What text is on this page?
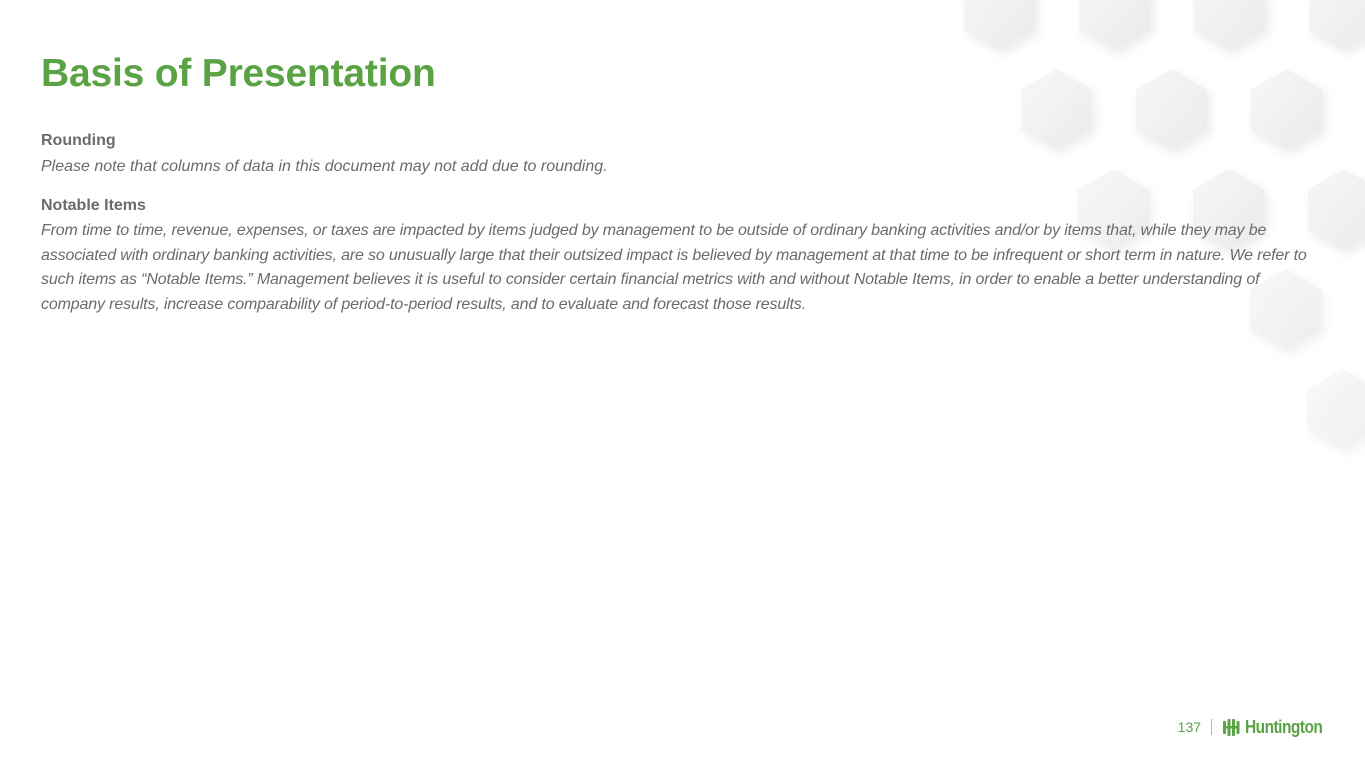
Basis of Presentation
Rounding

Please note that columns of data in this document may not add due to rounding.

Notable Items

From time to time, revenue, expenses, or taxes are impacted by items judged by management to be outside of ordinary banking activities and/or by items that, while they may be associated with ordinary banking activities, are so unusually large that their outsized impact is believed by management at that time to be infrequent or short term in nature. We refer to such items as “Notable Items.” Management believes it is useful to consider certain financial metrics with and without Notable Items, in order to enable a better understanding of company results, increase comparability of period-to-period results, and to evaluate and forecast those results.

137 Huntington
